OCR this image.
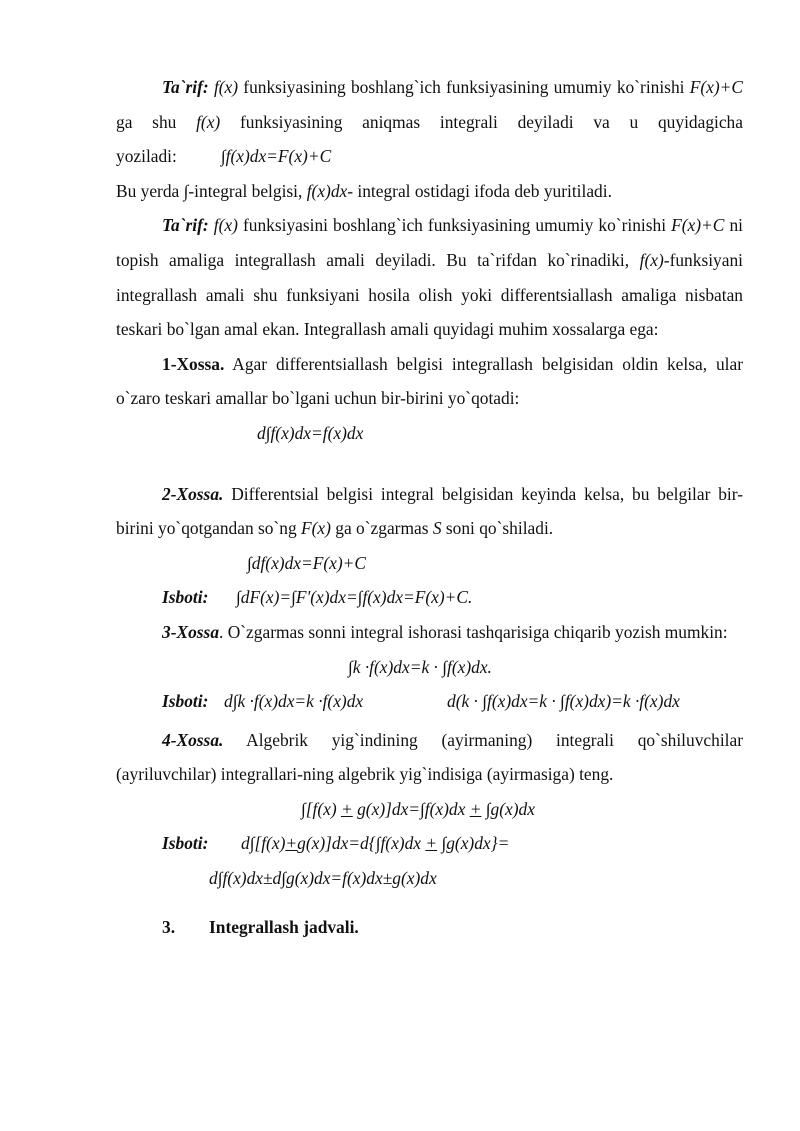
Ta`rif: f(x) funksiyasining boshlang`ich funksiyasining umumiy ko`rinishi F(x)+C ga shu f(x) funksiyasining aniqmas integrali deyiladi va u quyidagicha yoziladi:	∫f(x)dx=F(x)+C

Bu yerda ∫-integral belgisi, f(x)dx- integral ostidagi ifoda deb yuritiladi.

Ta`rif: f(x) funksiyasini boshlang`ich funksiyasining umumiy ko`rinishi F(x)+C ni topish amaliga integrallash amali deyiladi. Bu ta`rifdan ko`rinadiki, f(x)-funksiyani integrallash amali shu funksiyani hosila olish yoki differentsiallash amaliga nisbatan teskari bo`lgan amal ekan. Integrallash amali quyidagi muhim xossalarga ega:

1-Xossa. Agar differentsiallash belgisi integrallash belgisidan oldin kelsa, ular o`zaro teskari amallar bo`lgani uchun bir-birini yo`qotadi:

d∫f(x)dx=f(x)dx

2-Xossa. Differentsial belgisi integral belgisidan keyinda kelsa, bu belgilar bir-birini yo`qotgandan so`ng F(x) ga o`zgarmas S soni qo`shiladi.

∫df(x)dx=F(x)+C
Isboti:	∫dF(x)=∫F'(x)dx=∫f(x)dx=F(x)+C.

3-Xossa. O`zgarmas sonni integral ishorasi tashqarisiga chiqarib yozish mumkin:

∫k ·f(x)dx=k · ∫f(x)dx.
Isboti: d∫k ·f(x)dx=k ·f(x)dx	d(k · ∫f(x)dx=k · ∫f(x)dx)=k ·f(x)dx

4-Xossa. Algebrik yig`indining (ayirmaning) integrali qo`shiluvchilar (ayriluvchilar) integrallari-ning algebrik yig`indisiga (ayirmasiga) teng.

∫[f(x) + g(x)]dx=∫f(x)dx + ∫g(x)dx
Isboti:	d∫[f(x)+g(x)]dx=d{∫f(x)dx + ∫g(x)dx}=
d∫f(x)dx±d∫g(x)dx=f(x)dx±g(x)dx
3.	Integrallash jadvali.
